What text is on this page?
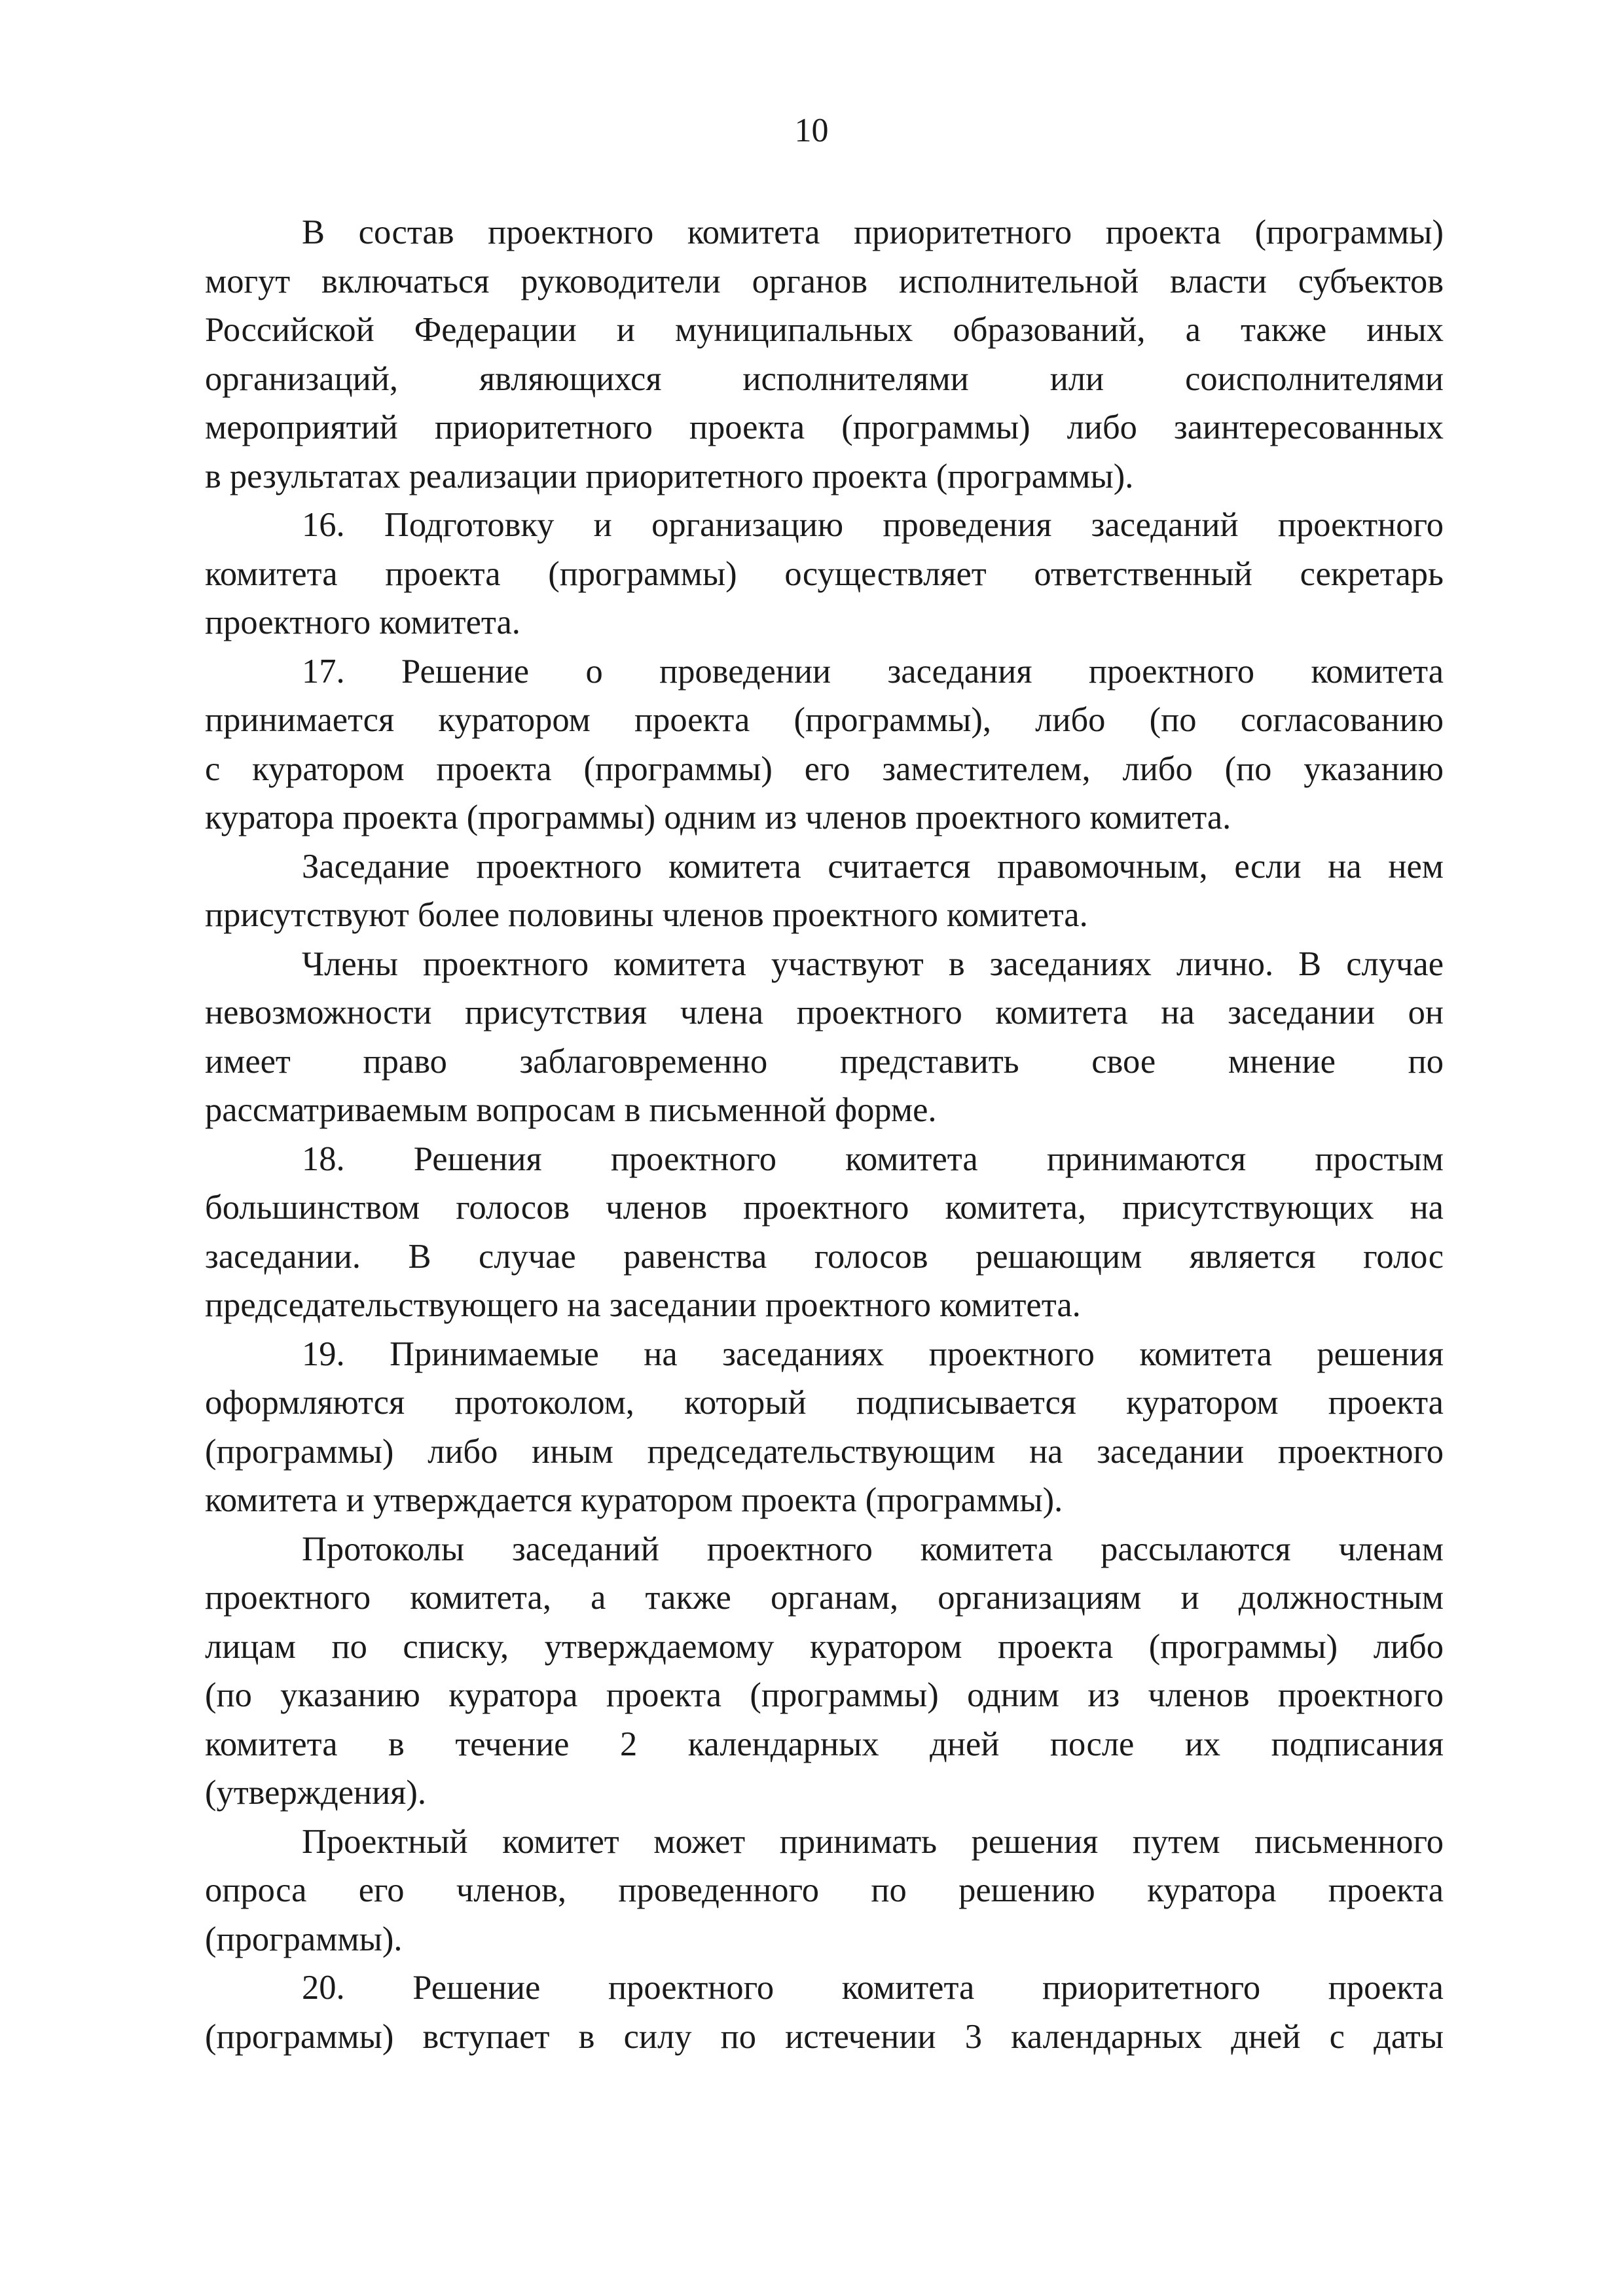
10
В состав проектного комитета приоритетного проекта (программы)
могут включаться руководители органов исполнительной власти субъектов
Российской Федерации и муниципальных образований, а также иных
организаций, являющихся исполнителями или соисполнителями
мероприятий приоритетного проекта (программы) либо заинтересованных
в результатах реализации приоритетного проекта (программы).
16. Подготовку и организацию проведения заседаний проектного
комитета проекта (программы) осуществляет ответственный секретарь
проектного комитета.
17. Решение о проведении заседания проектного комитета
принимается куратором проекта (программы), либо (по согласованию
с куратором проекта (программы) его заместителем, либо (по указанию
куратора проекта (программы) одним из членов проектного комитета.
Заседание проектного комитета считается правомочным, если на нем
присутствуют более половины членов проектного комитета.
Члены проектного комитета участвуют в заседаниях лично. В случае
невозможности присутствия члена проектного комитета на заседании он
имеет право заблаговременно представить свое мнение по
рассматриваемым вопросам в письменной форме.
18. Решения проектного комитета принимаются простым
большинством голосов членов проектного комитета, присутствующих на
заседании. В случае равенства голосов решающим является голос
председательствующего на заседании проектного комитета.
19. Принимаемые на заседаниях проектного комитета решения
оформляются протоколом, который подписывается куратором проекта
(программы) либо иным председательствующим на заседании проектного
комитета и утверждается куратором проекта (программы).
Протоколы заседаний проектного комитета рассылаются членам
проектного комитета, а также органам, организациям и должностным
лицам по списку, утверждаемому куратором проекта (программы) либо
(по указанию куратора проекта (программы) одним из членов проектного
комитета в течение 2 календарных дней после их подписания
(утверждения).
Проектный комитет может принимать решения путем письменного
опроса его членов, проведенного по решению куратора проекта
(программы).
20. Решение проектного комитета приоритетного проекта
(программы) вступает в силу по истечении 3 календарных дней с даты
